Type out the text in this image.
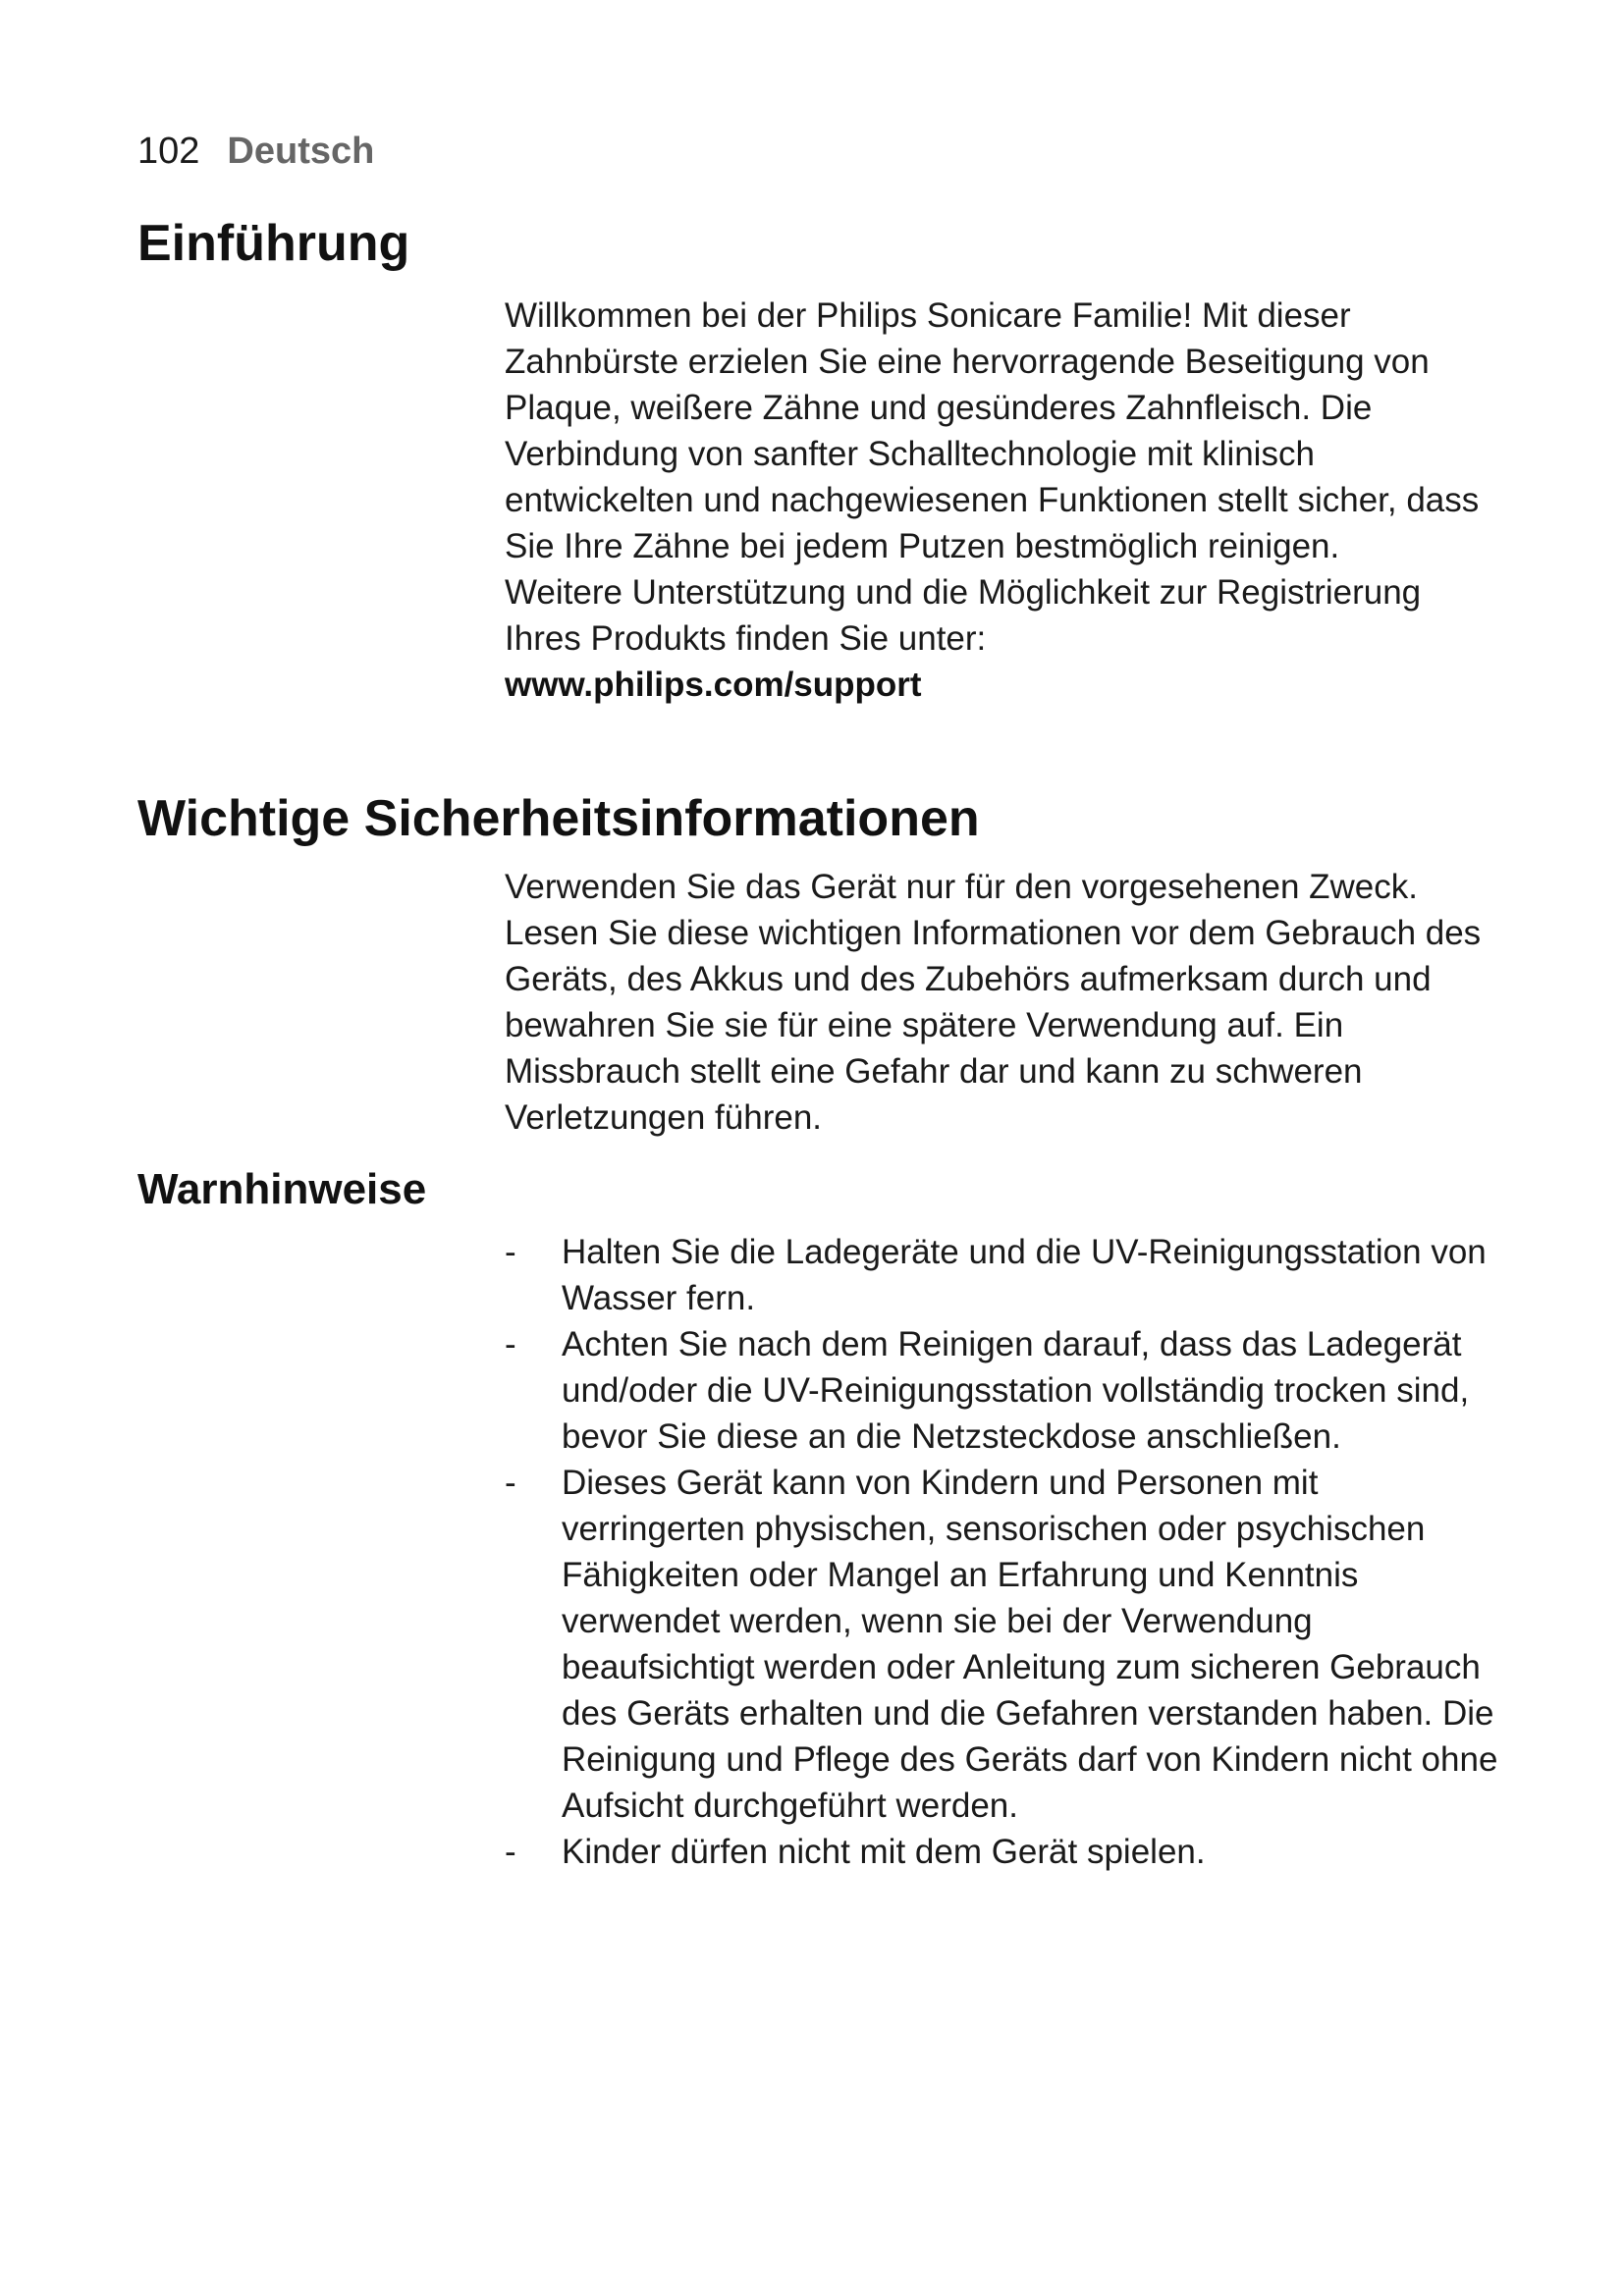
102 Deutsch
Einführung

Willkommen bei der Philips Sonicare Familie! Mit dieser Zahnbürste erzielen Sie eine hervorragende Beseitigung von Plaque, weißere Zähne und gesünderes Zahnfleisch. Die Verbindung von sanfter Schalltechnologie mit klinisch entwickelten und nachgewiesenen Funktionen stellt sicher, dass Sie Ihre Zähne bei jedem Putzen bestmöglich reinigen.

Weitere Unterstützung und die Möglichkeit zur Registrierung Ihres Produkts finden Sie unter:

www.philips.com/support

Wichtige Sicherheitsinformationen

Verwenden Sie das Gerät nur für den vorgesehenen Zweck. Lesen Sie diese wichtigen Informationen vor dem Gebrauch des Geräts, des Akkus und des Zubehörs aufmerksam durch und bewahren Sie sie für eine spätere Verwendung auf. Ein Missbrauch stellt eine Gefahr dar und kann zu schweren Verletzungen führen.

Warnhinweise
- Halten Sie die Ladegeräte und die UV-Reinigungsstation von Wasser fern.
- Achten Sie nach dem Reinigen darauf, dass das Ladegerät und/oder die UV-Reinigungsstation vollständig trocken sind, bevor Sie diese an die Netzsteckdose anschließen.
- Dieses Gerät kann von Kindern und Personen mit verringerten physischen, sensorischen oder psychischen Fähigkeiten oder Mangel an Erfahrung und Kenntnis verwendet werden, wenn sie bei der Verwendung beaufsichtigt werden oder Anleitung zum sicheren Gebrauch des Geräts erhalten und die Gefahren verstanden haben. Die Reinigung und Pflege des Geräts darf von Kindern nicht ohne Aufsicht durchgeführt werden.
- Kinder dürfen nicht mit dem Gerät spielen.
